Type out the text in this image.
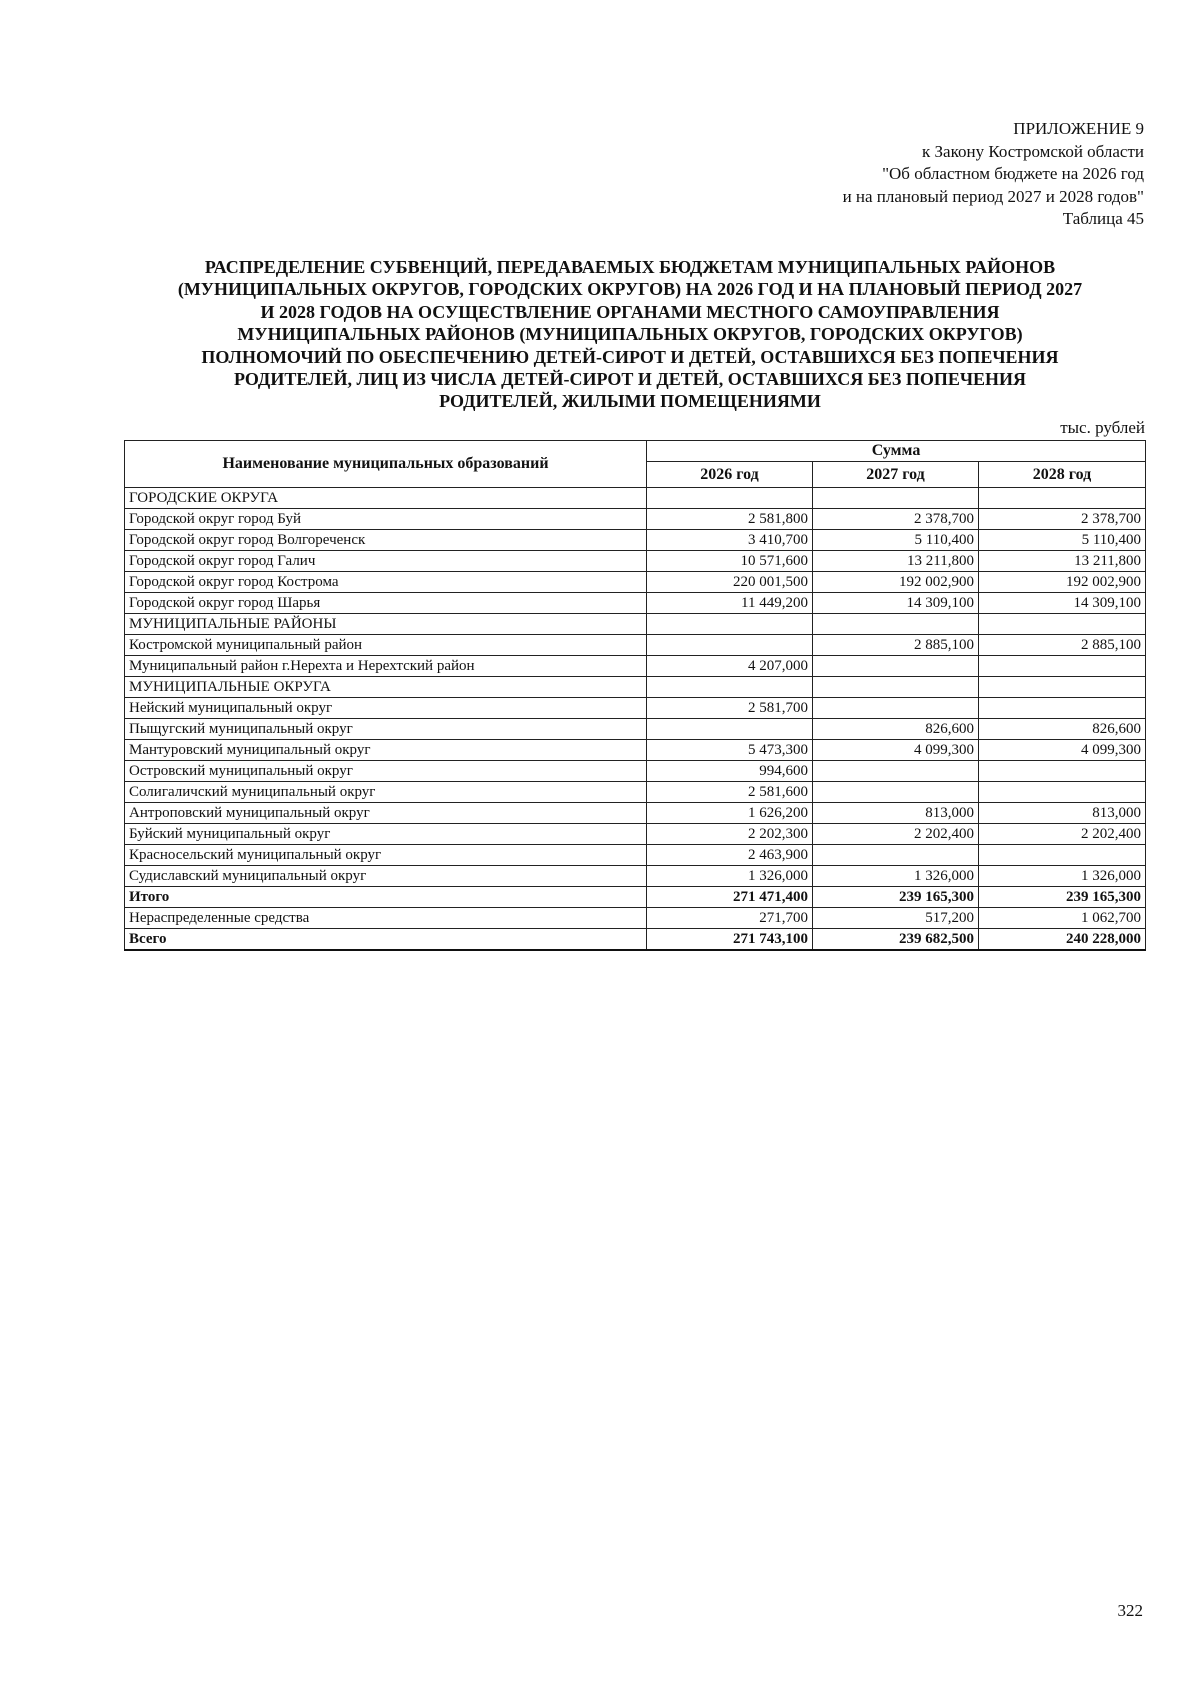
ПРИЛОЖЕНИЕ 9
к Закону Костромской области
"Об областном бюджете на 2026 год
и на плановый период 2027 и 2028 годов"
Таблица 45
РАСПРЕДЕЛЕНИЕ СУБВЕНЦИЙ, ПЕРЕДАВАЕМЫХ БЮДЖЕТАМ МУНИЦИПАЛЬНЫХ РАЙОНОВ
(МУНИЦИПАЛЬНЫХ ОКРУГОВ, ГОРОДСКИХ ОКРУГОВ) НА 2026 ГОД И НА ПЛАНОВЫЙ ПЕРИОД 2027
И 2028 ГОДОВ НА ОСУЩЕСТВЛЕНИЕ ОРГАНАМИ МЕСТНОГО САМОУПРАВЛЕНИЯ
МУНИЦИПАЛЬНЫХ РАЙОНОВ (МУНИЦИПАЛЬНЫХ ОКРУГОВ, ГОРОДСКИХ ОКРУГОВ)
ПОЛНОМОЧИЙ ПО ОБЕСПЕЧЕНИЮ ДЕТЕЙ-СИРОТ И ДЕТЕЙ, ОСТАВШИХСЯ БЕЗ ПОПЕЧЕНИЯ
РОДИТЕЛЕЙ, ЛИЦ ИЗ ЧИСЛА ДЕТЕЙ-СИРОТ И ДЕТЕЙ, ОСТАВШИХСЯ БЕЗ ПОПЕЧЕНИЯ
РОДИТЕЛЕЙ, ЖИЛЫМИ ПОМЕЩЕНИЯМИ
тыс. рублей
Наименование муниципальных образований	Сумма		
	2026 год	2027 год	2028 год
ГОРОДСКИЕ ОКРУГА			
Городской округ город Буй	2 581,800	2 378,700	2 378,700
Городской округ город Волгореченск	3 410,700	5 110,400	5 110,400
Городской округ город Галич	10 571,600	13 211,800	13 211,800
Городской округ город Кострома	220 001,500	192 002,900	192 002,900
Городской округ город Шарья	11 449,200	14 309,100	14 309,100
МУНИЦИПАЛЬНЫЕ РАЙОНЫ			
Костромской муниципальный район		2 885,100	2 885,100
Муниципальный район г.Нерехта и Нерехтский район	4 207,000		
МУНИЦИПАЛЬНЫЕ ОКРУГА			
Нейский муниципальный округ	2 581,700		
Пыщугский муниципальный округ		826,600	826,600
Мантуровский муниципальный округ	5 473,300	4 099,300	4 099,300
Островский муниципальный округ	994,600		
Солигаличский муниципальный округ	2 581,600		
Антроповский муниципальный округ	1 626,200	813,000	813,000
Буйский муниципальный округ	2 202,300	2 202,400	2 202,400
Красносельский муниципальный округ	2 463,900		
Судиславский муниципальный округ	1 326,000	1 326,000	1 326,000
Итого	271 471,400	239 165,300	239 165,300
Нераспределенные средства	271,700	517,200	1 062,700
Всего	271 743,100	239 682,500	240 228,000
322
